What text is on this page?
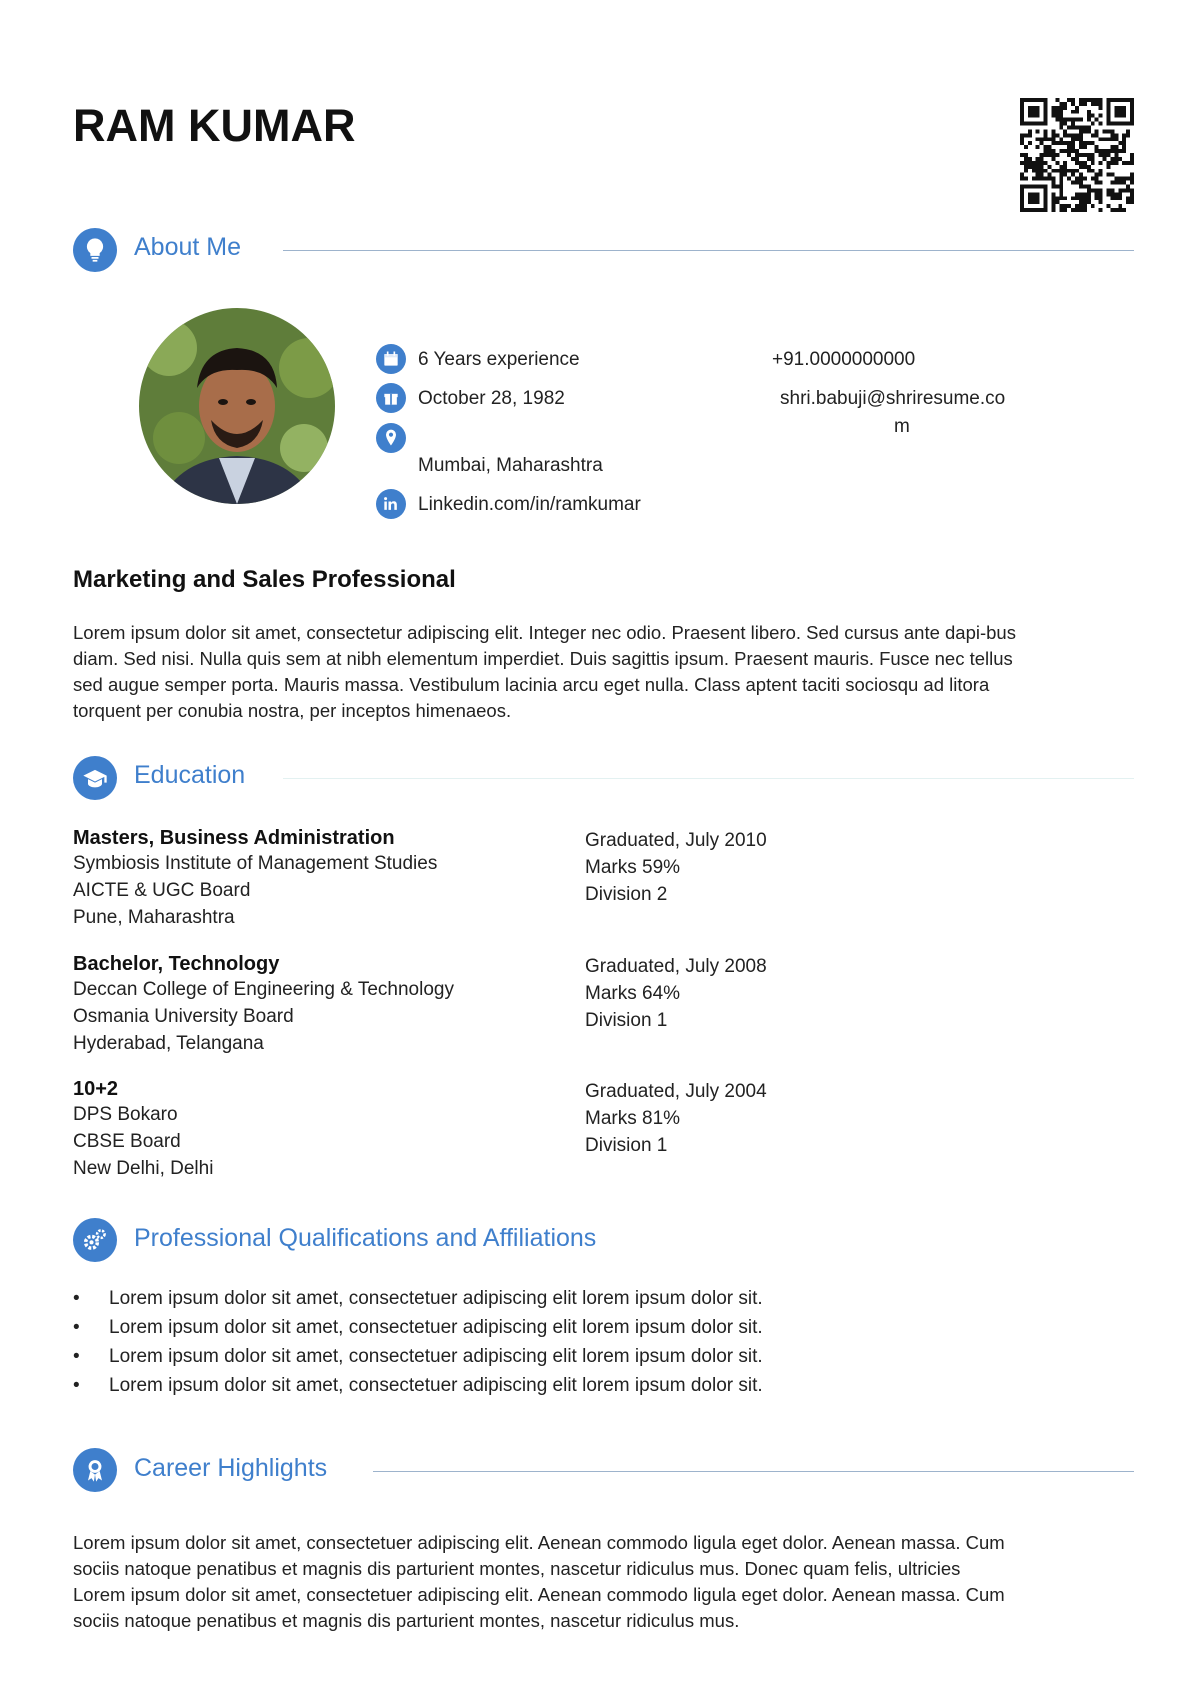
RAM KUMAR
About Me
6 Years experience
October 28, 1982
Mumbai, Maharashtra
Linkedin.com/in/ramkumar
+91.0000000000
shri.babuji@shriresume.co
m
Marketing and Sales Professional
Lorem ipsum dolor sit amet, consectetur adipiscing elit. Integer nec odio. Praesent libero. Sed cursus ante dapi-bus
diam. Sed nisi. Nulla quis sem at nibh elementum imperdiet. Duis sagittis ipsum. Praesent mauris. Fusce nec tellus
sed augue semper porta. Mauris massa. Vestibulum lacinia arcu eget nulla. Class aptent taciti sociosqu ad litora
torquent per conubia nostra, per inceptos himenaeos.
Education
Masters, Business Administration
Symbiosis Institute of Management Studies
AICTE & UGC Board
Pune, Maharashtra
Graduated, July 2010
Marks 59%
Division 2
Bachelor, Technology
Deccan College of Engineering & Technology
Osmania University Board
Hyderabad, Telangana
Graduated, July 2008
Marks 64%
Division 1
10+2
DPS Bokaro
CBSE Board
New Delhi, Delhi
Graduated, July 2004
Marks 81%
Division 1
Professional Qualifications and Affiliations
•	Lorem ipsum dolor sit amet, consectetuer adipiscing elit lorem ipsum dolor sit.
•	Lorem ipsum dolor sit amet, consectetuer adipiscing elit lorem ipsum dolor sit.
•	Lorem ipsum dolor sit amet, consectetuer adipiscing elit lorem ipsum dolor sit.
•	Lorem ipsum dolor sit amet, consectetuer adipiscing elit lorem ipsum dolor sit.
Career Highlights
Lorem ipsum dolor sit amet, consectetuer adipiscing elit. Aenean commodo ligula eget dolor. Aenean massa. Cum
sociis natoque penatibus et magnis dis parturient montes, nascetur ridiculus mus. Donec quam felis, ultricies
Lorem ipsum dolor sit amet, consectetuer adipiscing elit. Aenean commodo ligula eget dolor. Aenean massa. Cum
sociis natoque penatibus et magnis dis parturient montes, nascetur ridiculus mus.
